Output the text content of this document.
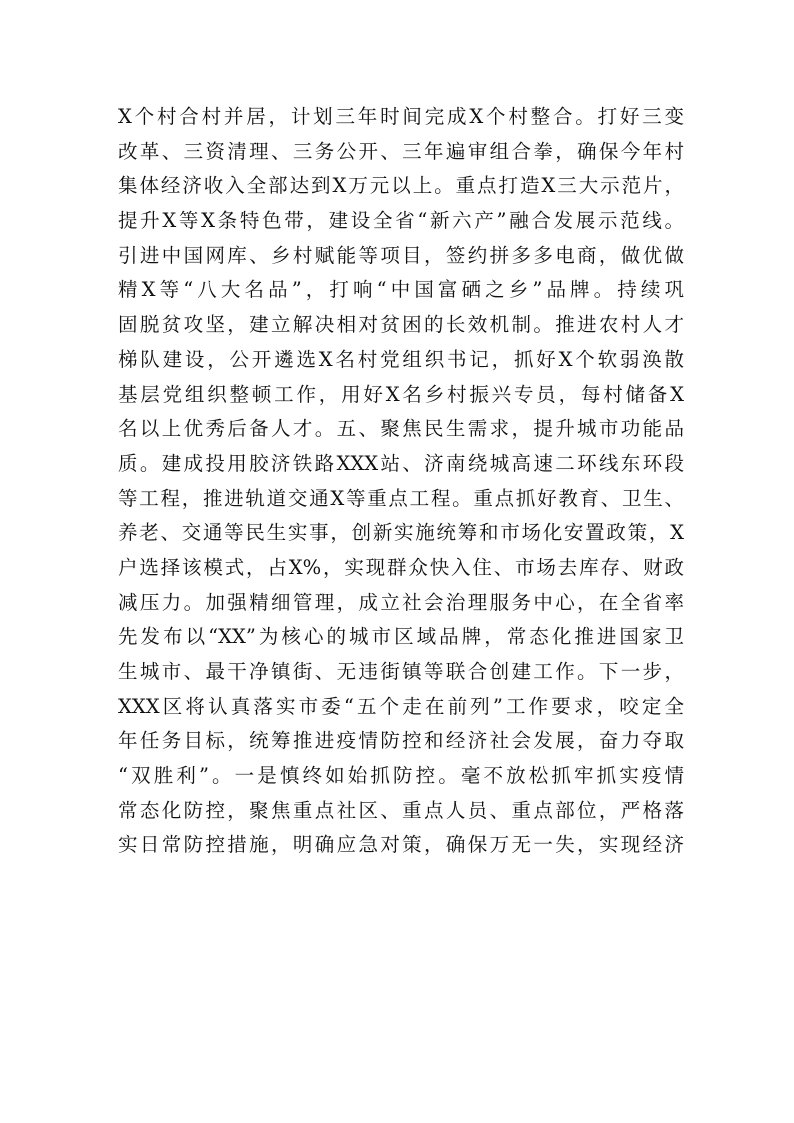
X个村合村并居，计划三年时间完成X个村整合。打好三变
改革、三资清理、三务公开、三年遍审组合拳，确保今年村
集体经济收入全部达到X万元以上。重点打造X三大示范片，
提升X等X条特色带，建设全省“新六产”融合发展示范线。
引进中国网库、乡村赋能等项目，签约拼多多电商，做优做
精X等“八大名品”，打响“中国富硒之乡”品牌。持续巩
固脱贫攻坚，建立解决相对贫困的长效机制。推进农村人才
梯队建设，公开遴选X名村党组织书记，抓好X个软弱涣散
基层党组织整顿工作，用好X名乡村振兴专员，每村储备X
名以上优秀后备人才。五、聚焦民生需求，提升城市功能品
质。建成投用胶济铁路XXX站、济南绕城高速二环线东环段
等工程，推进轨道交通X等重点工程。重点抓好教育、卫生、
养老、交通等民生实事，创新实施统筹和市场化安置政策，X
户选择该模式，占X%，实现群众快入住、市场去库存、财政
减压力。加强精细管理，成立社会治理服务中心，在全省率
先发布以“XX”为核心的城市区域品牌，常态化推进国家卫
生城市、最干净镇街、无违街镇等联合创建工作。下一步，
XXX区将认真落实市委“五个走在前列”工作要求，咬定全
年任务目标，统筹推进疫情防控和经济社会发展，奋力夺取
“双胜利”。一是慎终如始抓防控。毫不放松抓牢抓实疫情
常态化防控，聚焦重点社区、重点人员、重点部位，严格落
实日常防控措施，明确应急对策，确保万无一失，实现经济
